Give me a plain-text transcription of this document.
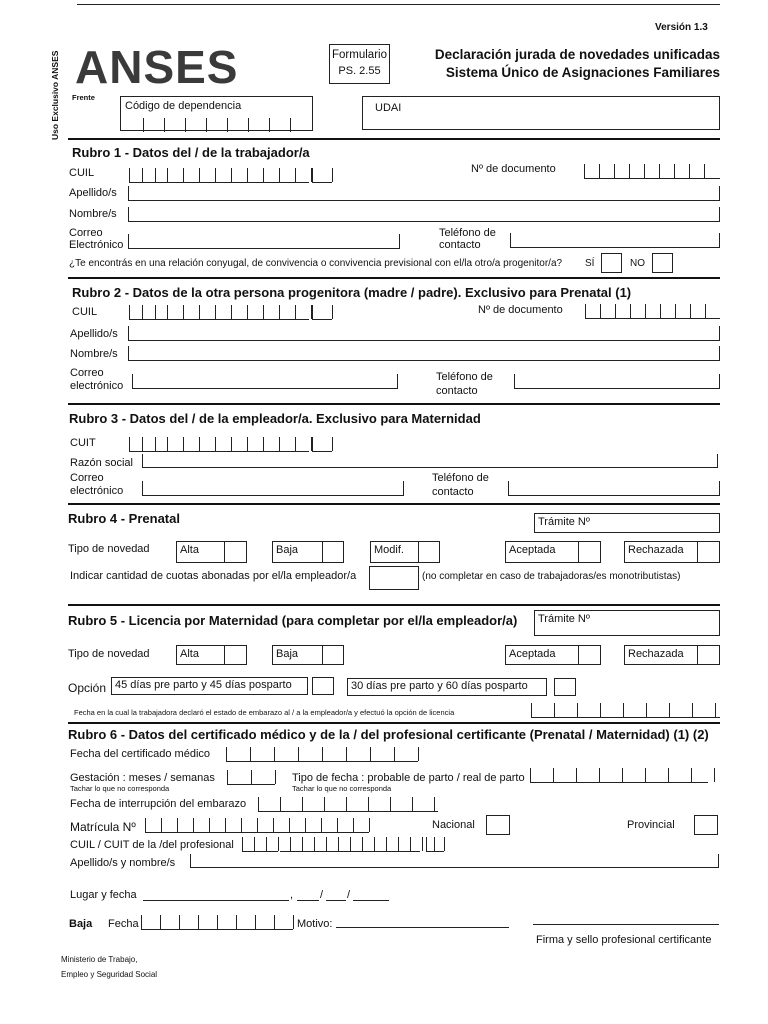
Versión 1.3
Uso Exclusivo ANSES ANSES
Frente
Formulario
PS. 2.55
Declaración jurada de novedades unificadas
Sistema Único de Asignaciones Familiares
Código de dependencia	UDAI
Rubro 1 - Datos del / de la trabajador/a
CUIL	Nº de documento
Apellido/s
Nombre/s
Correo
Electrónico
Teléfono de
contacto
¿Te encontrás en una relación conyugal, de convivencia o convivencia previsional con el/la otro/a progenitor/a? SÍ	NO
Rubro 2 - Datos de la otra persona progenitora (madre / padre). Exclusivo para Prenatal (1)
CUIL	Nº de documento
Apellido/s
Nombre/s
Correo
electrónico
Teléfono de
contacto
Rubro 3 - Datos del / de la empleador/a. Exclusivo para Maternidad
CUIT
Razón social
Correo
electrónico
Teléfono de
contacto
Rubro 4 - Prenatal	Trámite Nº
Tipo de novedad	Alta	Baja	Modif.	Aceptada	Rechazada
Indicar cantidad de cuotas abonadas por el/la empleador/a	(no completar en caso de trabajadoras/es monotributistas)
Rubro 5 - Licencia por Maternidad (para completar por el/la empleador/a) Trámite Nº
Tipo de novedad	Alta	Baja	Aceptada	Rechazada
Opción 45 días pre parto y 45 días posparto	30 días pre parto y 60 días posparto
Fecha en la cual la trabajadora declaró el estado de embarazo al / a la empleador/a y efectuó la opción de licencia
Rubro 6 - Datos del certificado médico y de la / del profesional certificante (Prenatal / Maternidad) (1) (2)
Fecha del certificado médico
Gestación : meses / semanas
Tachar lo que no corresponda
Tipo de fecha : probable de parto / real de parto
Tachar lo que no corresponda
Fecha de interrupción del embarazo
Matrícula Nº	Nacional	Provincial
CUIL / CUIT de la /del profesional
Apellido/s y nombre/s
Lugar y fecha	, / /
Baja Fecha	Motivo:
Firma y sello profesional certificante
Ministerio de Trabajo,
Empleo y Seguridad Social
